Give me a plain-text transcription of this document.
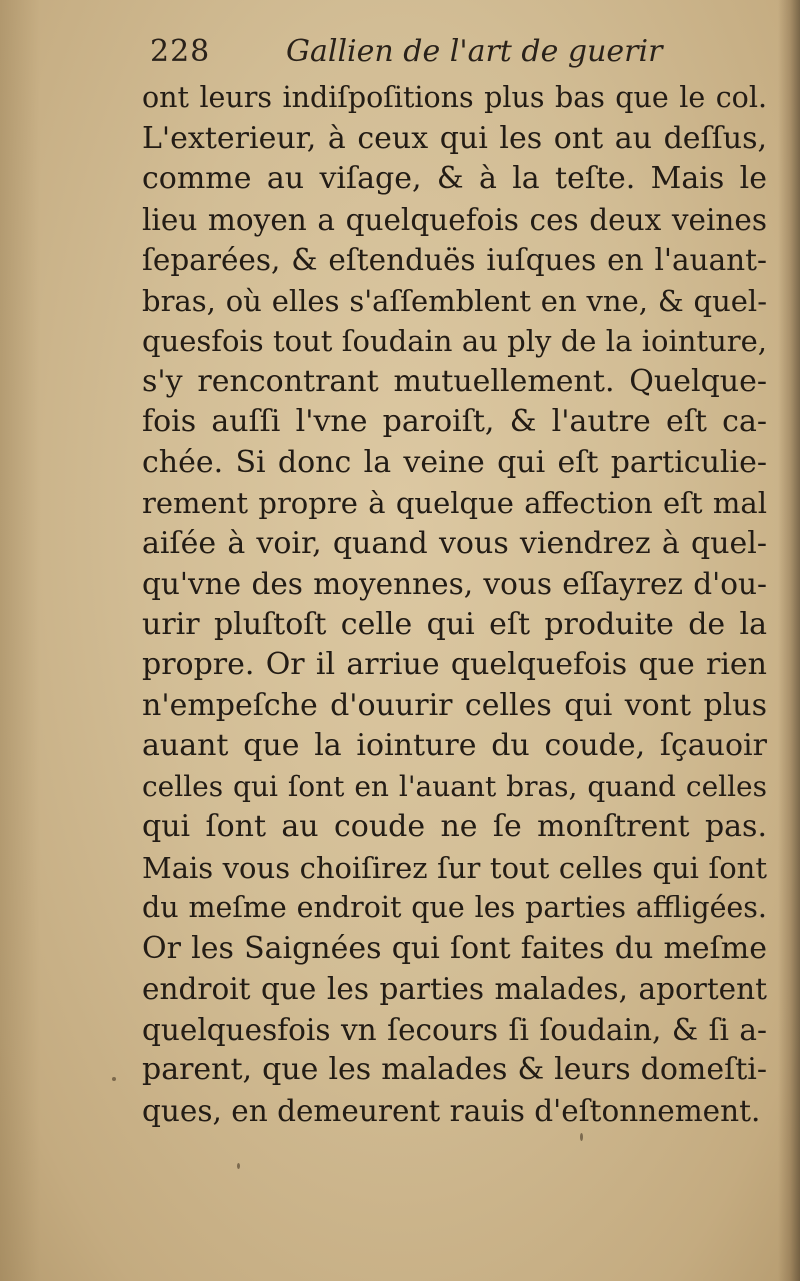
228	Gallien de l'art de guerir
ont leurs indiſpoſitions plus bas que le col.
L'exterieur, à ceux qui les ont au deſſus,
comme au viſage, & à la teſte. Mais le
lieu moyen a quelquefois ces deux veines
ſeparées, & eſtenduës iuſques en l'auant-
bras, où elles s'aſſemblent en vne, & quel-
quesfois tout ſoudain au ply de la iointure,
s'y rencontrant mutuellement. Quelque-
fois auſſi l'vne paroiſt, & l'autre eſt ca-
chée. Si donc la veine qui eſt particulie-
rement propre à quelque affection eſt mal
aiſée à voir, quand vous viendrez à quel-
qu'vne des moyennes, vous eſſayrez d'ou-
urir pluſtoſt celle qui eſt produite de la
propre. Or il arriue quelquefois que rien
n'empeſche d'ouurir celles qui vont plus
auant que la iointure du coude, ſçauoir
celles qui ſont en l'auant bras, quand celles
qui ſont au coude ne ſe monſtrent pas.
Mais vous choiſirez ſur tout celles qui ſont
du meſme endroit que les parties affligées.
Or les Saignées qui ſont faites du meſme
endroit que les parties malades, aportent
quelquesfois vn ſecours ſi ſoudain, & ſi a-
parent, que les malades & leurs domeſti-
ques, en demeurent rauis d'eſtonnement.
